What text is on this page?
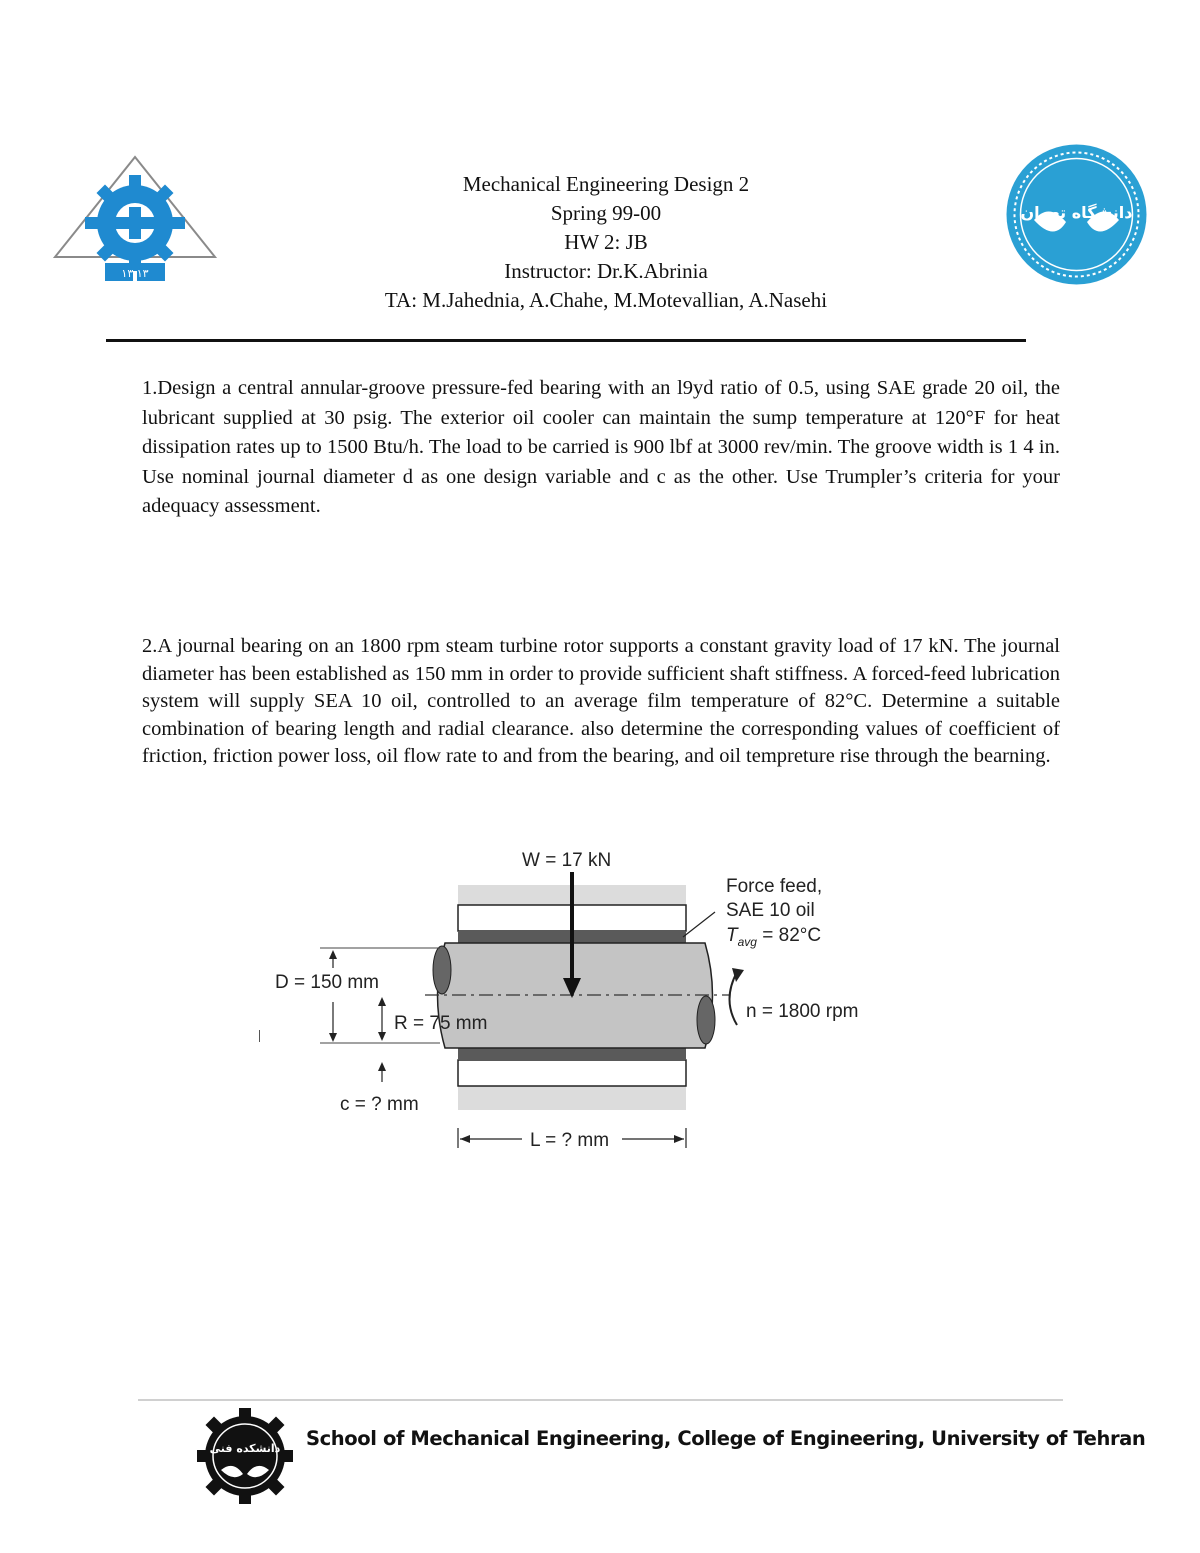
۱۳ ۱۳
دانشگاه تهران
Mechanical Engineering Design 2
Spring 99-00
HW 2: JB
Instructor: Dr.K.Abrinia
TA: M.Jahednia, A.Chahe, M.Motevallian, A.Nasehi
1.Design a central annular-groove pressure-fed bearing with an l9yd ratio of 0.5, using SAE grade 20 oil, the lubricant supplied at 30 psig. The exterior oil cooler can maintain the sump temperature at 120°F for heat dissipation rates up to 1500 Btu/h. The load to be carried is 900 lbf at 3000 rev/min. The groove width is 1 4 in. Use nominal journal diameter d as one design variable and c as the other. Use Trumpler’s criteria for your adequacy assessment.
2.A journal bearing on an 1800 rpm steam turbine rotor supports a constant gravity load of 17 kN. The journal diameter has been established as 150 mm in order to provide sufficient shaft stiffness. A forced-feed lubrication system will supply SEA 10 oil, controlled to an average film temperature of 82°C. Determine a suitable combination of bearing length and radial clearance. also determine the corresponding values of coefficient of friction, friction power loss, oil flow rate to and from the bearing, and oil tempreture rise through the bearning.
W = 17 kN
Force feed,
SAE 10 oil
$T_{avg} = 82^\circ C$
n = 1800 rpm
D = 150 mm
R = 75 mm
c = ? mm
L = ? mm
دانشکده فنی School of Mechanical Engineering, College of Engineering, University of Tehran
